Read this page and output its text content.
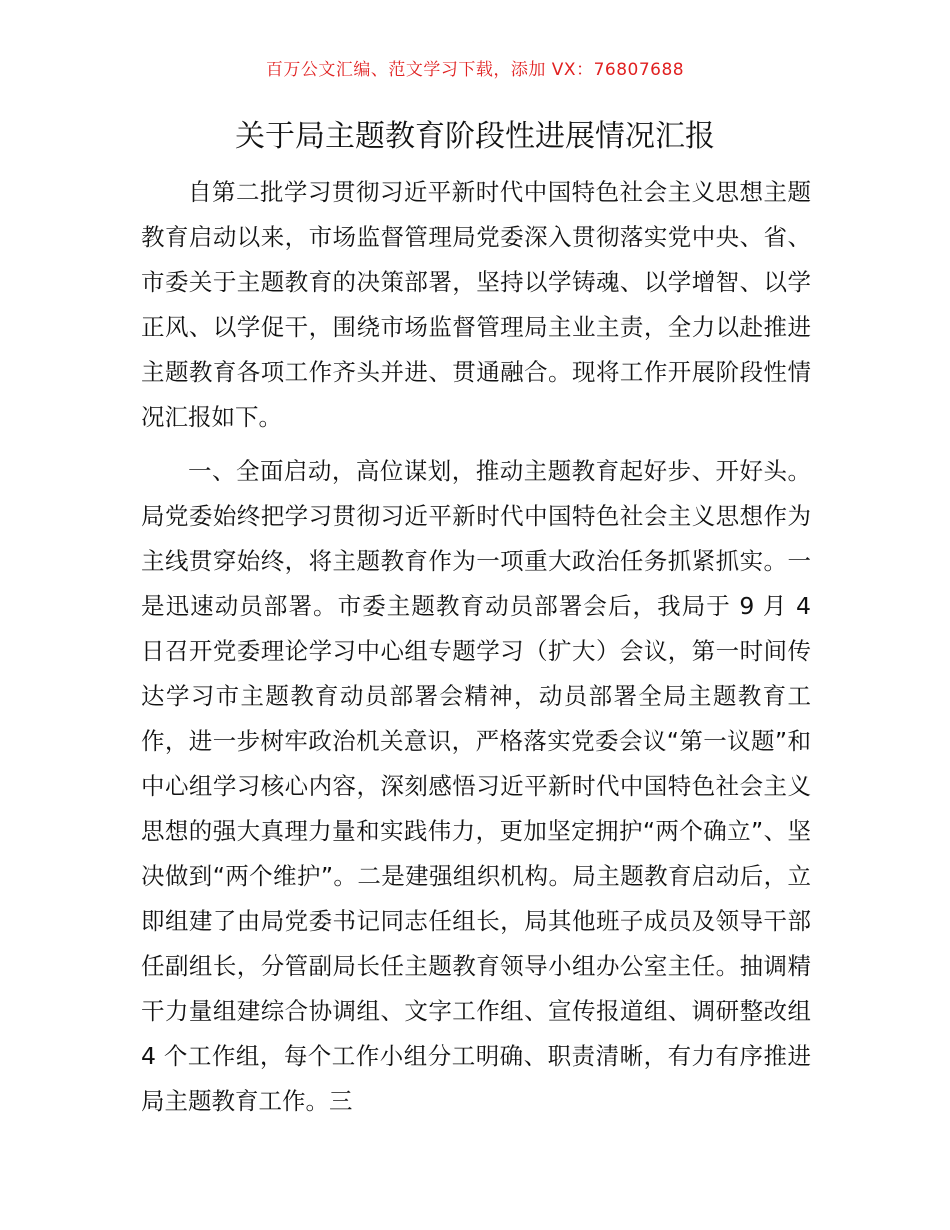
百万公文汇编、范文学习下载，添加 VX：76807688
关于局主题教育阶段性进展情况汇报

自第二批学习贯彻习近平新时代中国特色社会主义思想主题教育启动以来，市场监督管理局党委深入贯彻落实党中央、省、市委关于主题教育的决策部署，坚持以学铸魂、以学增智、以学正风、以学促干，围绕市场监督管理局主业主责，全力以赴推进主题教育各项工作齐头并进、贯通融合。现将工作开展阶段性情况汇报如下。

一、全面启动，高位谋划，推动主题教育起好步、开好头。局党委始终把学习贯彻习近平新时代中国特色社会主义思想作为主线贯穿始终，将主题教育作为一项重大政治任务抓紧抓实。一是迅速动员部署。市委主题教育动员部署会后，我局于 9 月 4 日召开党委理论学习中心组专题学习（扩大）会议，第一时间传达学习市主题教育动员部署会精神，动员部署全局主题教育工作，进一步树牢政治机关意识，严格落实党委会议“第一议题”和中心组学习核心内容，深刻感悟习近平新时代中国特色社会主义思想的强大真理力量和实践伟力，更加坚定拥护“两个确立”、坚决做到“两个维护”。二是建强组织机构。局主题教育启动后，立即组建了由局党委书记同志任组长，局其他班子成员及领导干部任副组长，分管副局长任主题教育领导小组办公室主任。抽调精干力量组建综合协调组、文字工作组、宣传报道组、调研整改组 4 个工作组，每个工作小组分工明确、职责清晰，有力有序推进局主题教育工作。三
